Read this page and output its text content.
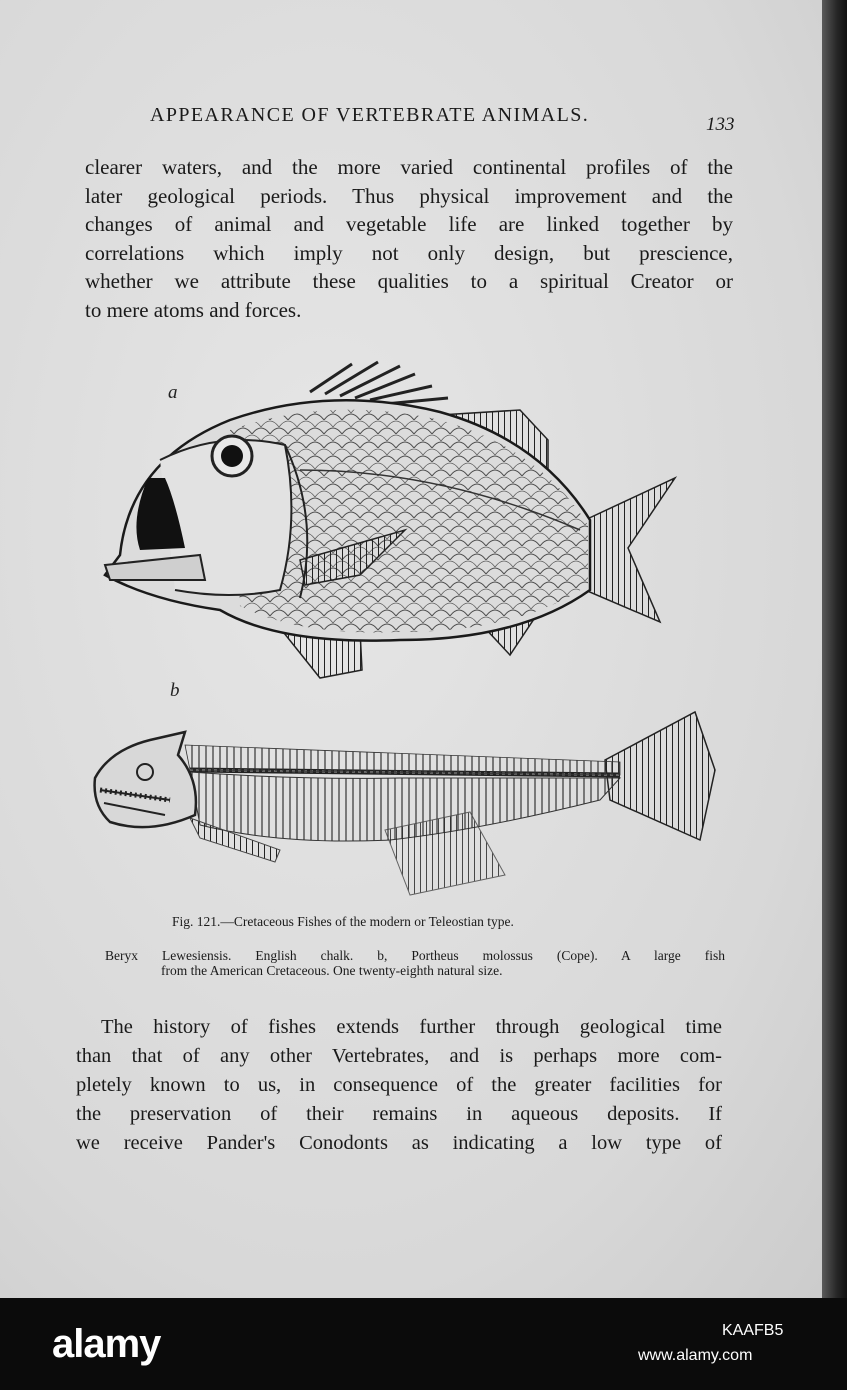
APPEARANCE OF VERTEBRATE ANIMALS.	133
clearer waters, and the more varied continental profiles of the
later geological periods. Thus physical improvement and the
changes of animal and vegetable life are linked together by
correlations which imply not only design, but prescience,
whether we attribute these qualities to a spiritual Creator or
to mere atoms and forces.
a
b
Fig. 121.—Cretaceous Fishes of the modern or Teleostian type.
Beryx Lewesiensis. English chalk. b, Portheus molossus (Cope). A large fish
from the American Cretaceous. One twenty-eighth natural size.
The history of fishes extends further through geological time
than that of any other Vertebrates, and is perhaps more com-
pletely known to us, in consequence of the greater facilities for
the preservation of their remains in aqueous deposits. If
we receive Pander's Conodonts as indicating a low type of
alamy	KAAFB5
www.alamy.com
